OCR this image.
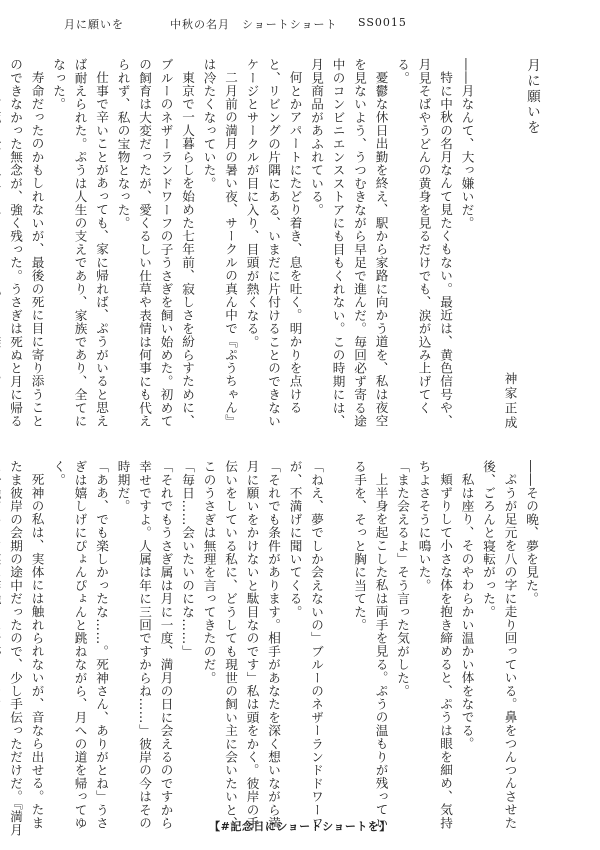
月に願いを	中秋の名月　ショートショート SS0015

月に願いを

神家正成

――月なんて、大っ嫌いだ。

特に中秋の名月なんて見たくもない。最近は、黄色信号や、月見そばやうどんの黄身を見るだけでも、涙が込み上げてくる。

憂鬱な休日出勤を終え、駅から家路に向かう道を、私は夜空を見ないよう、うつむきながら早足で進んだ。毎回必ず寄る途中のコンビニエンスストアにも目もくれない。この時期には、月見商品があふれている。

何とかアパートにたどり着き、息を吐く。明かりを点けると、リビングの片隅にある、いまだに片付けることのできないケージとサークルが目に入り、目頭が熱くなる。

二月前の満月の暑い夜、サークルの真ん中で『ぷうちゃん』は冷たくなっていた。

東京で一人暮らしを始めた七年前、寂しさを紛らすために、ブルーのネザーランドワーフの子うさぎを飼い始めた。初めての飼育は大変だったが、愛くるしい仕草や表情は何事にも代えられず、私の宝物となった。

仕事で辛いことがあっても、家に帰れば、ぷうがいると思えば耐えられた。ぷうは人生の支えであり、家族であり、全てになった。

寿命だったのかもしれないが、最後の死に目に寄り添うことのできなかった無念が、強く残った。うさぎは死ぬと月に帰る

――その晩、夢を見た。

ぷうが足元を八の字に走り回っている。鼻をつんつんさせた後、ごろんと寝転がった。

私は座り、そのやわらかい温かい体をなでる。

頬ずりして小さな体を抱き締めると、ぷうは眼を細め、気持ちよさそうに鳴いた。

「また会えるよ」そう言った気がした。

上半身を起こした私は両手を見る。ぷうの温もりが残っている手を、そっと胸に当てた。

「ねえ、夢でしか会えないの」ブルーのネザーランドドワーフが、不満げに聞いてくる。

「それでも条件があります。相手があなたを深く想いながら満月に願いをかけないと駄目なのです」私は頭をかく。彼岸の手伝いをしている私に、どうしても現世の飼い主に会いたいと、このうさぎは無理を言ってきたのだ。

「毎日……会いたいのにな……」

「それでもうさぎ属は月に一度、満月の日に会えるのですから幸せですよ。人属は年に三回ですからね……」彼岸の今はその時期だ。

「ああ、でも楽しかったな……。死神さん、ありがとね」うさぎは嬉しげにぴょんぴょんと跳ねながら、月への道を帰ってゆく。

死神の私は、実体には触れられないが、音なら出せる。たまたま彼岸の会期の途中だったので、少し手伝っただけだ。『満月	【#記念日にショートショートを】
